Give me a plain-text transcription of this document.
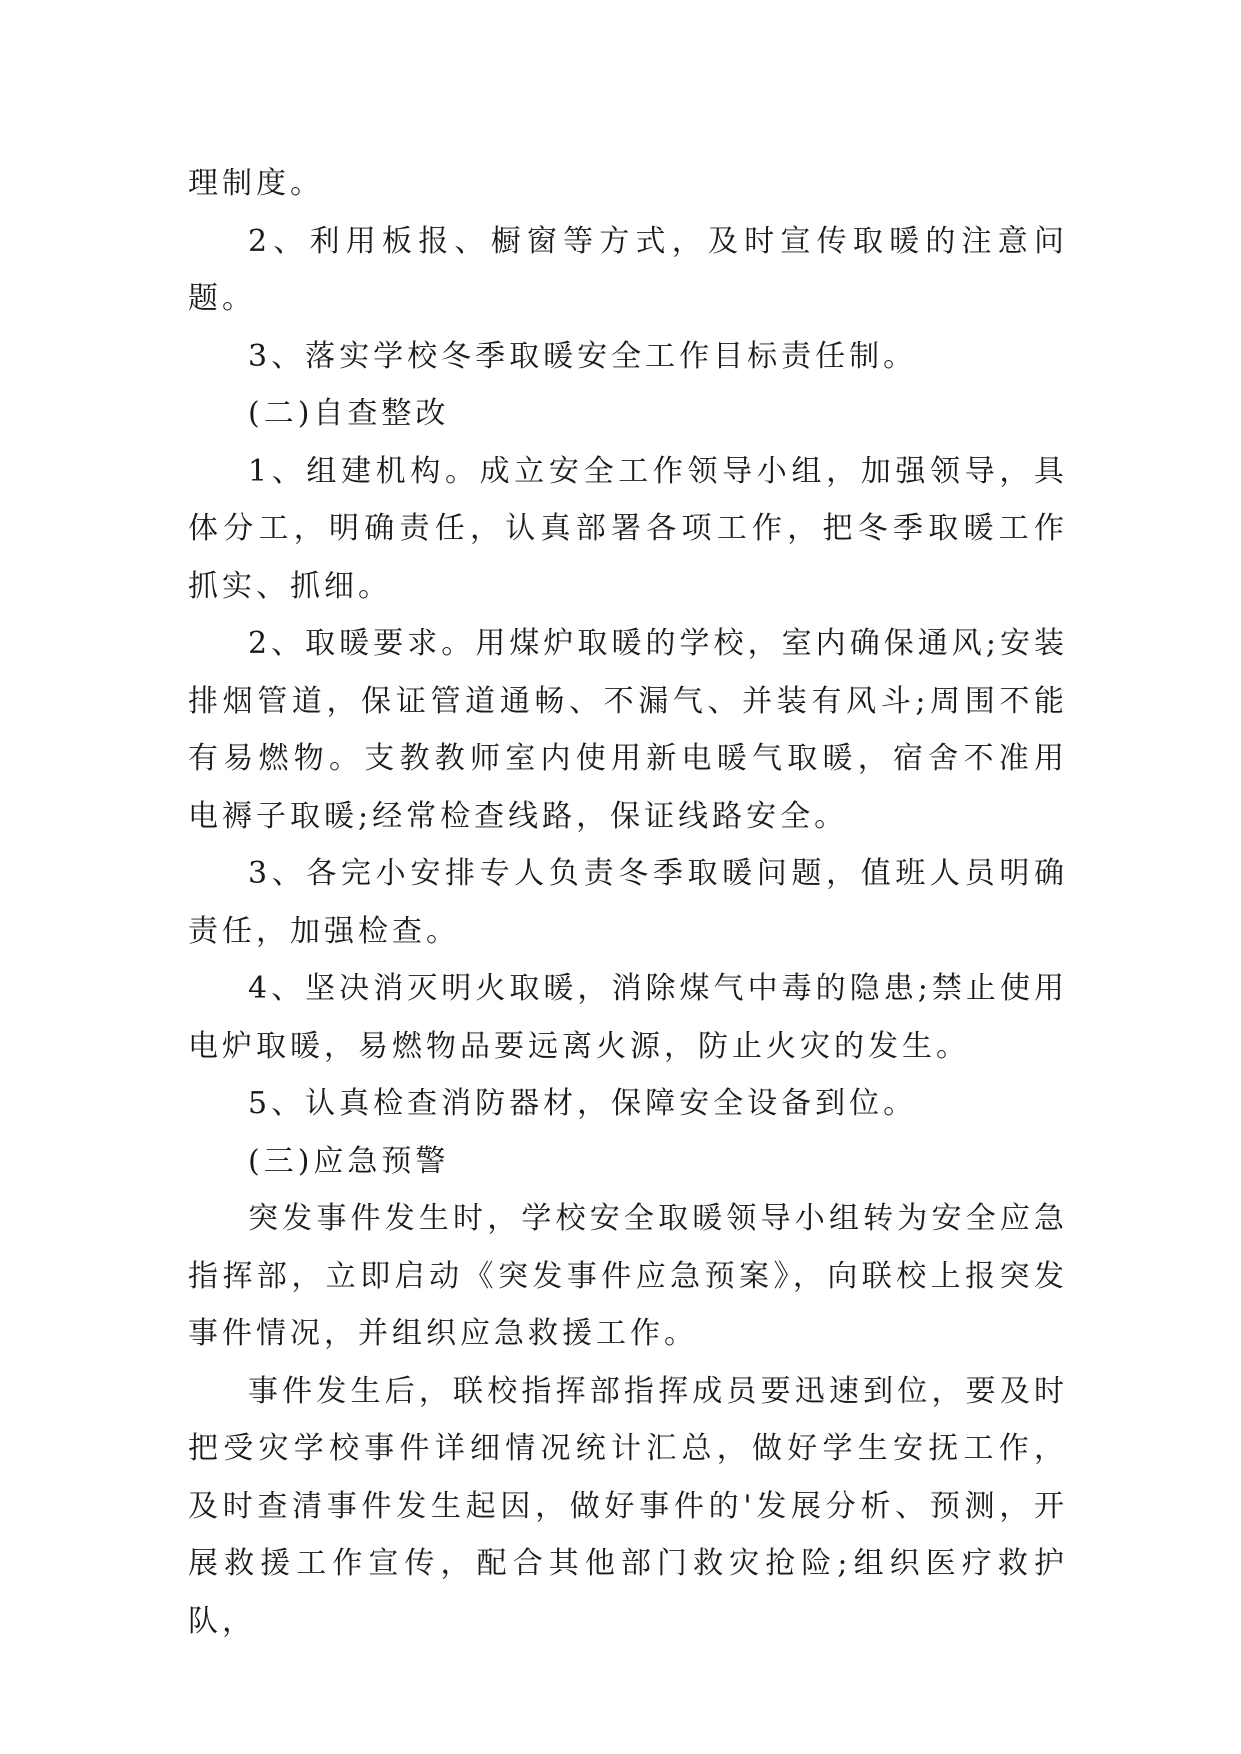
理制度。

2、利用板报、橱窗等方式，及时宣传取暖的注意问题。

3、落实学校冬季取暖安全工作目标责任制。

(二)自查整改

1、组建机构。成立安全工作领导小组，加强领导，具体分工，明确责任，认真部署各项工作，把冬季取暖工作抓实、抓细。

2、取暖要求。用煤炉取暖的学校，室内确保通风;安装排烟管道，保证管道通畅、不漏气、并装有风斗;周围不能有易燃物。支教教师室内使用新电暖气取暖，宿舍不准用电褥子取暖;经常检查线路，保证线路安全。

3、各完小安排专人负责冬季取暖问题，值班人员明确责任，加强检查。

4、坚决消灭明火取暖，消除煤气中毒的隐患;禁止使用电炉取暖，易燃物品要远离火源，防止火灾的发生。

5、认真检查消防器材，保障安全设备到位。

(三)应急预警

突发事件发生时，学校安全取暖领导小组转为安全应急指挥部，立即启动《突发事件应急预案》，向联校上报突发事件情况，并组织应急救援工作。

事件发生后，联校指挥部指挥成员要迅速到位，要及时把受灾学校事件详细情况统计汇总，做好学生安抚工作，及时查清事件发生起因，做好事件的'发展分析、预测，开展救援工作宣传，配合其他部门救灾抢险;组织医疗救护队，
